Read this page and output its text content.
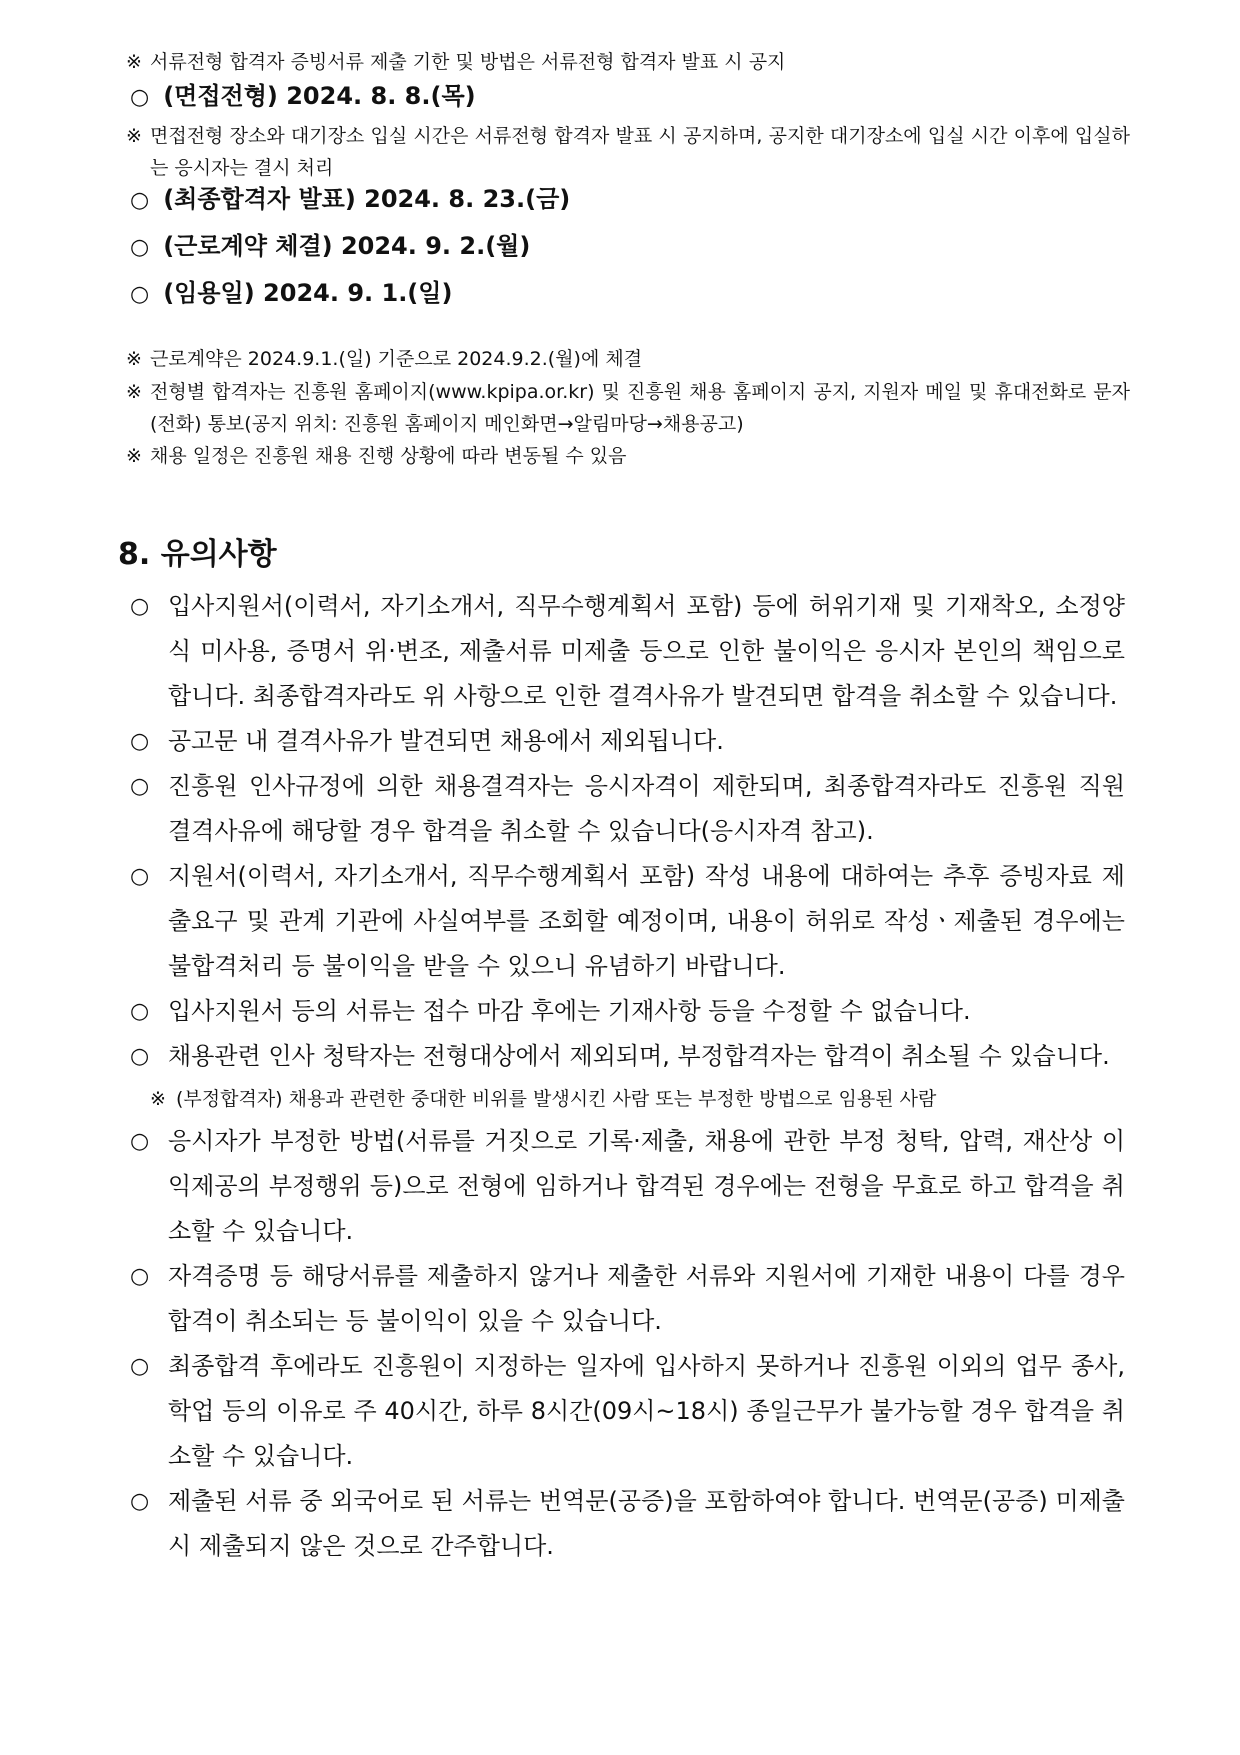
※ 서류전형 합격자 증빙서류 제출 기한 및 방법은 서류전형 합격자 발표 시 공지
○ (면접전형) 2024. 8. 8.(목)
※ 면접전형 장소와 대기장소 입실 시간은 서류전형 합격자 발표 시 공지하며, 공지한 대기장소에 입실 시간 이후에 입실하는 응시자는 결시 처리
○ (최종합격자 발표) 2024. 8. 23.(금)
○ (근로계약 체결) 2024. 9. 2.(월)
○ (임용일) 2024. 9. 1.(일)
※ 근로계약은 2024.9.1.(일) 기준으로 2024.9.2.(월)에 체결
※ 전형별 합격자는 진흥원 홈페이지(www.kpipa.or.kr) 및 진흥원 채용 홈페이지 공지, 지원자 메일 및 휴대전화로 문자(전화) 통보(공지 위치: 진흥원 홈페이지 메인화면→알림마당→채용공고)
※ 채용 일정은 진흥원 채용 진행 상황에 따라 변동될 수 있음
8. 유의사항
○ 입사지원서(이력서, 자기소개서, 직무수행계획서 포함) 등에 허위기재 및 기재착오, 소정양식 미사용, 증명서 위·변조, 제출서류 미제출 등으로 인한 불이익은 응시자 본인의 책임으로 합니다. 최종합격자라도 위 사항으로 인한 결격사유가 발견되면 합격을 취소할 수 있습니다.
○ 공고문 내 결격사유가 발견되면 채용에서 제외됩니다.
○ 진흥원 인사규정에 의한 채용결격자는 응시자격이 제한되며, 최종합격자라도 진흥원 직원 결격사유에 해당할 경우 합격을 취소할 수 있습니다(응시자격 참고).
○ 지원서(이력서, 자기소개서, 직무수행계획서 포함) 작성 내용에 대하여는 추후 증빙자료 제출요구 및 관계 기관에 사실여부를 조회할 예정이며, 내용이 허위로 작성ㆍ제출된 경우에는 불합격처리 등 불이익을 받을 수 있으니 유념하기 바랍니다.
○ 입사지원서 등의 서류는 접수 마감 후에는 기재사항 등을 수정할 수 없습니다.
○ 채용관련 인사 청탁자는 전형대상에서 제외되며, 부정합격자는 합격이 취소될 수 있습니다.
※ (부정합격자) 채용과 관련한 중대한 비위를 발생시킨 사람 또는 부정한 방법으로 임용된 사람
○ 응시자가 부정한 방법(서류를 거짓으로 기록·제출, 채용에 관한 부정 청탁, 압력, 재산상 이익제공의 부정행위 등)으로 전형에 임하거나 합격된 경우에는 전형을 무효로 하고 합격을 취소할 수 있습니다.
○ 자격증명 등 해당서류를 제출하지 않거나 제출한 서류와 지원서에 기재한 내용이 다를 경우 합격이 취소되는 등 불이익이 있을 수 있습니다.
○ 최종합격 후에라도 진흥원이 지정하는 일자에 입사하지 못하거나 진흥원 이외의 업무 종사, 학업 등의 이유로 주 40시간, 하루 8시간(09시~18시) 종일근무가 불가능할 경우 합격을 취소할 수 있습니다.
○ 제출된 서류 중 외국어로 된 서류는 번역문(공증)을 포함하여야 합니다. 번역문(공증) 미제출시 제출되지 않은 것으로 간주합니다.
